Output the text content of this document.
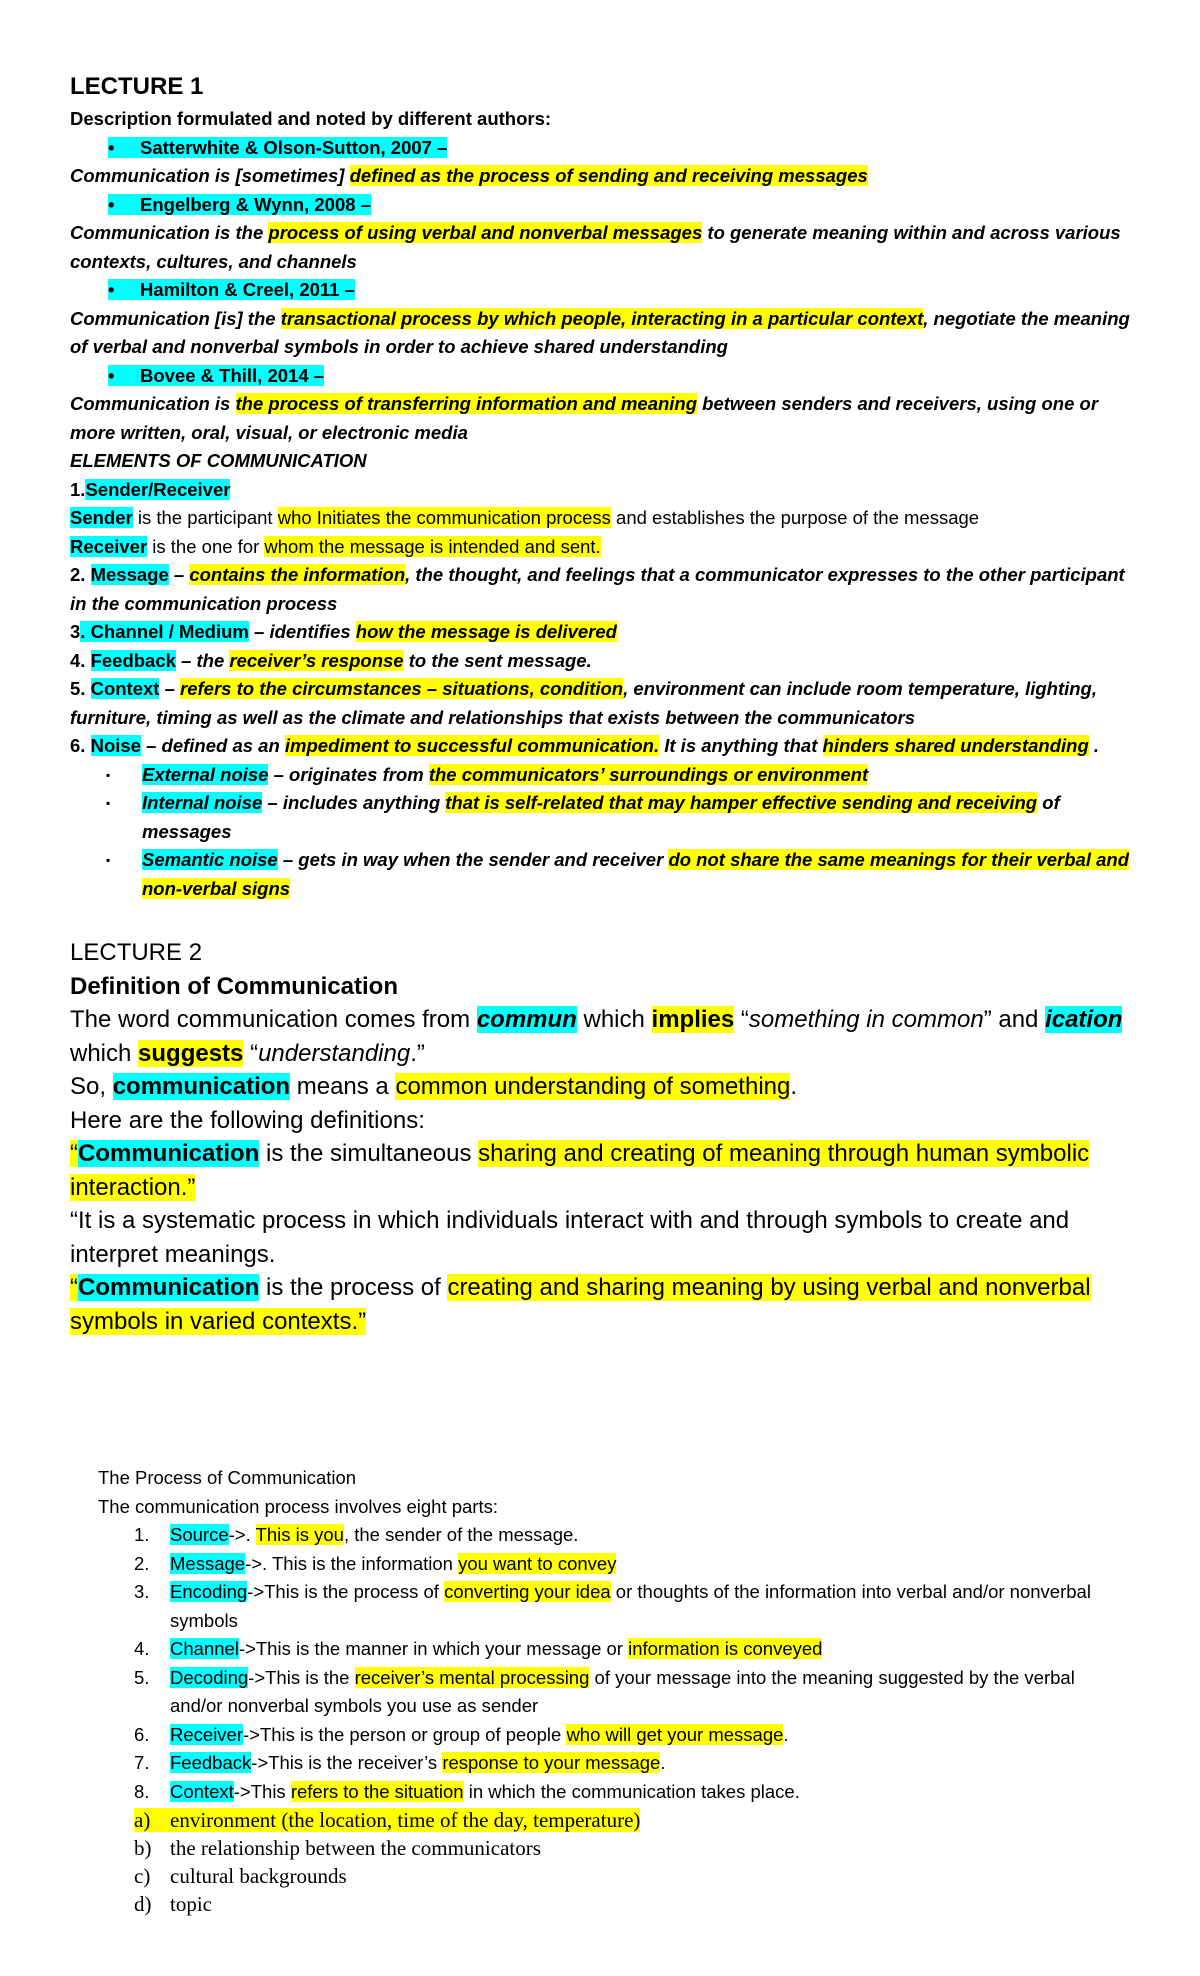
LECTURE 1

Description formulated and noted by different authors:

• Satterwhite & Olson-Sutton, 2007 –

Communication is [sometimes] defined as the process of sending and receiving messages

• Engelberg & Wynn, 2008 –

Communication is the process of using verbal and nonverbal messages to generate meaning within and across various contexts, cultures, and channels

• Hamilton & Creel, 2011 –

Communication [is] the transactional process by which people, interacting in a particular context, negotiate the meaning of verbal and nonverbal symbols in order to achieve shared understanding

• Bovee & Thill, 2014 –

Communication is the process of transferring information and meaning between senders and receivers, using one or more written, oral, visual, or electronic media

ELEMENTS OF COMMUNICATION

1.Sender/Receiver

Sender is the participant who Initiates the communication process and establishes the purpose of the message

Receiver is the one for whom the message is intended and sent.

2. Message – contains the information, the thought, and feelings that a communicator expresses to the other participant in the communication process

3. Channel / Medium – identifies how the message is delivered

4. Feedback – the receiver’s response to the sent message.

5. Context – refers to the circumstances – situations, condition, environment can include room temperature, lighting, furniture, timing as well as the climate and relationships that exists between the communicators

6. Noise – defined as an impediment to successful communication. It is anything that hinders shared understanding .

▪ External noise – originates from the communicators’ surroundings or environment

▪ Internal noise – includes anything that is self-related that may hamper effective sending and receiving of messages

▪ Semantic noise – gets in way when the sender and receiver do not share the same meanings for their verbal and non-verbal signs

LECTURE 2

Definition of Communication

The word communication comes from commun which implies “something in common” and ication which suggests “understanding.”

So, communication means a common understanding of something.

Here are the following definitions:

“Communication is the simultaneous sharing and creating of meaning through human symbolic interaction.”

“It is a systematic process in which individuals interact with and through symbols to create and interpret meanings.

“Communication is the process of creating and sharing meaning by using verbal and nonverbal symbols in varied contexts.”

The Process of Communication

The communication process involves eight parts:

1. Source->. This is you, the sender of the message.
2. Message->. This is the information you want to convey
3. Encoding->This is the process of converting your idea or thoughts of the information into verbal and/or nonverbal symbols
4. Channel->This is the manner in which your message or information is conveyed
5. Decoding->This is the receiver’s mental processing of your message into the meaning suggested by the verbal and/or nonverbal symbols you use as sender
6. Receiver->This is the person or group of people who will get your message.
7. Feedback->This is the receiver’s response to your message.
8. Context->This refers to the situation in which the communication takes place.
a) environment (the location, time of the day, temperature)
b) the relationship between the communicators
c) cultural backgrounds
d) topic
